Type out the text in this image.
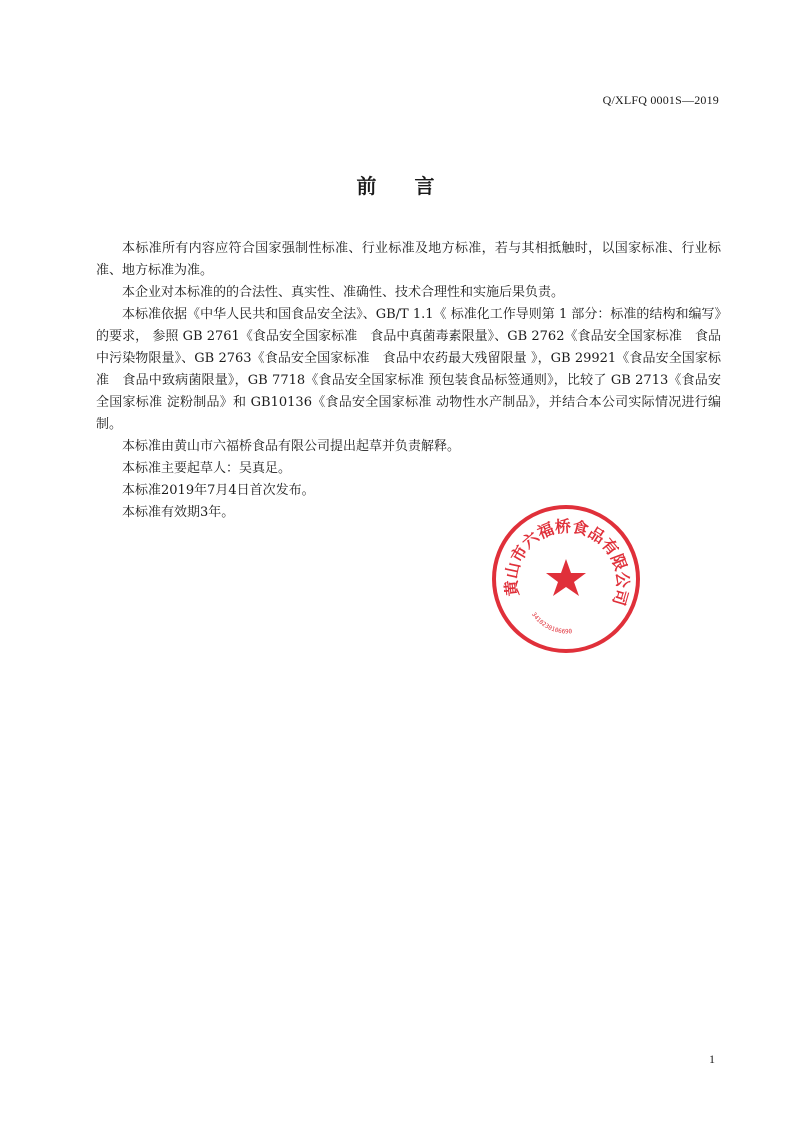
Q/XLFQ 0001S—2019
前言

本标准所有内容应符合国家强制性标准、行业标准及地方标准，若与其相抵触时，以国家标准、行业标准、地方标准为准。

本企业对本标准的的合法性、真实性、准确性、技术合理性和实施后果负责。

本标准依据《中华人民共和国食品安全法》、GB/T 1.1《 标准化工作导则第 1 部分：标准的结构和编写》的要求， 参照 GB 2761《食品安全国家标准　食品中真菌毒素限量》、GB 2762《食品安全国家标准　食品中污染物限量》、GB 2763《食品安全国家标准　食品中农药最大残留限量 》，GB 29921《食品安全国家标准　食品中致病菌限量》，GB 7718《食品安全国家标准 预包装食品标签通则》，比较了 GB 2713《食品安全国家标准 淀粉制品》和 GB10136《食品安全国家标准 动物性水产制品》，并结合本公司实际情况进行编制。

本标准由黄山市六福桥食品有限公司提出起草并负责解释。

本标准主要起草人：吴真足。

本标准2019年7月4日首次发布。

本标准有效期3年。

黄山市六福桥食品有限公司
3410230106690
1
